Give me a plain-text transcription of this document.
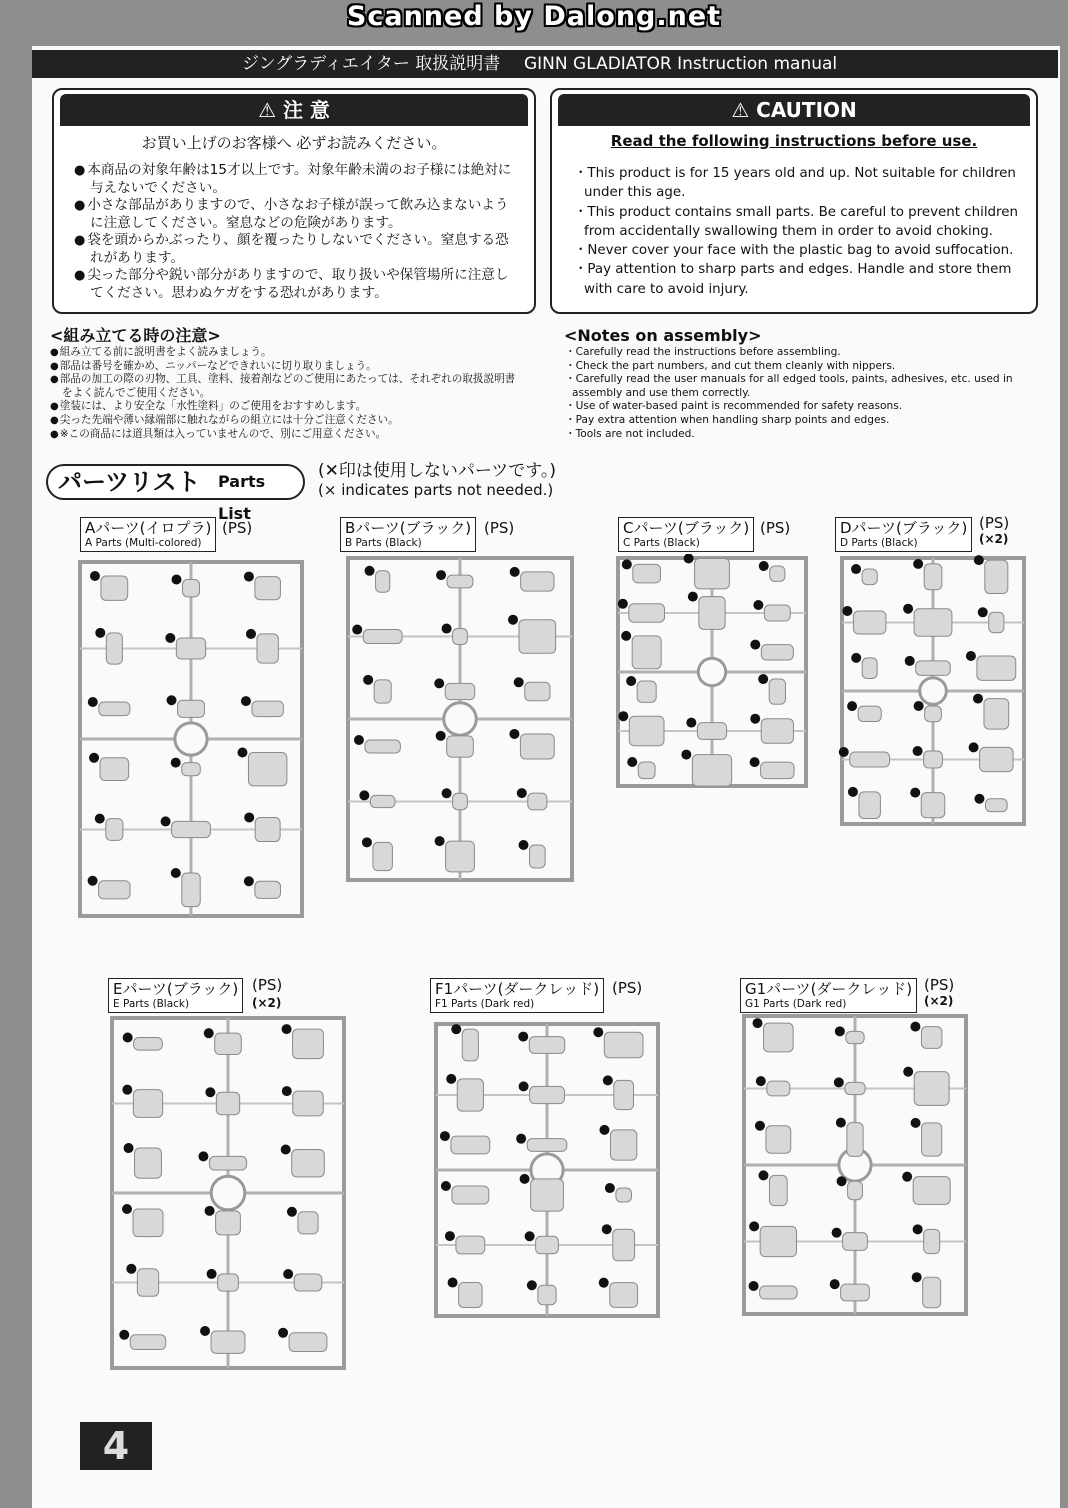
Scanned by Dalong.net
ジングラディエイター 取扱説明書 GINN GLADIATOR Instruction manual
⚠ 注 意
お買い上げのお客様へ 必ずお読みください。
● 本商品の対象年齢は15才以上です。対象年齢未満のお子様には絶対に与えないでください。
● 小さな部品がありますので、小さなお子様が誤って飲み込まないように注意してください。窒息などの危険があります。
● 袋を頭からかぶったり、顔を覆ったりしないでください。窒息する恐れがあります。
● 尖った部分や鋭い部分がありますので、取り扱いや保管場所に注意してください。思わぬケガをする恐れがあります。
⚠ CAUTION
Read the following instructions before use.
・ This product is for 15 years old and up. Not suitable for children under this age.
・ This product contains small parts. Be careful to prevent children from accidentally swallowing them in order to avoid choking.
・ Never cover your face with the plastic bag to avoid suffocation.
・ Pay attention to sharp parts and edges. Handle and store them with care to avoid injury.
<組み立てる時の注意>
● 組み立てる前に説明書をよく読みましょう。
● 部品は番号を確かめ、ニッパーなどできれいに切り取りましょう。
● 部品の加工の際の刃物、工具、塗料、接着剤などのご使用にあたっては、それぞれの取扱説明書をよく読んでご使用ください。
● 塗装には、より安全な「水性塗料」のご使用をおすすめします。
● 尖った先端や薄い縁端部に触れながらの組立には十分ご注意ください。
● ※この商品には道具類は入っていませんので、別にご用意ください。
<Notes on assembly>
・ Carefully read the instructions before assembling.
・ Check the part numbers, and cut them cleanly with nippers.
・ Carefully read the user manuals for all edged tools, paints, adhesives, etc. used in assembly and use them correctly.
・ Use of water-based paint is recommended for safety reasons.
・ Pay extra attention when handling sharp points and edges.
・ Tools are not included.
パーツリスト Parts List
(✕印は使用しないパーツです。)
(× indicates parts not needed.)
Aパーツ(イロプラ)
A Parts (Multi-colored)
(PS)	Bパーツ(ブラック)
B Parts (Black)
(PS)	Cパーツ(ブラック)
C Parts (Black)
(PS)	Dパーツ(ブラック)
D Parts (Black)
(PS)
(×2)
Eパーツ(ブラック)
E Parts (Black)
(PS)
(×2)
F1パーツ(ダークレッド)
F1 Parts (Dark red)
(PS)	G1パーツ(ダークレッド)
G1 Parts (Dark red)
(PS)
(×2)
4
